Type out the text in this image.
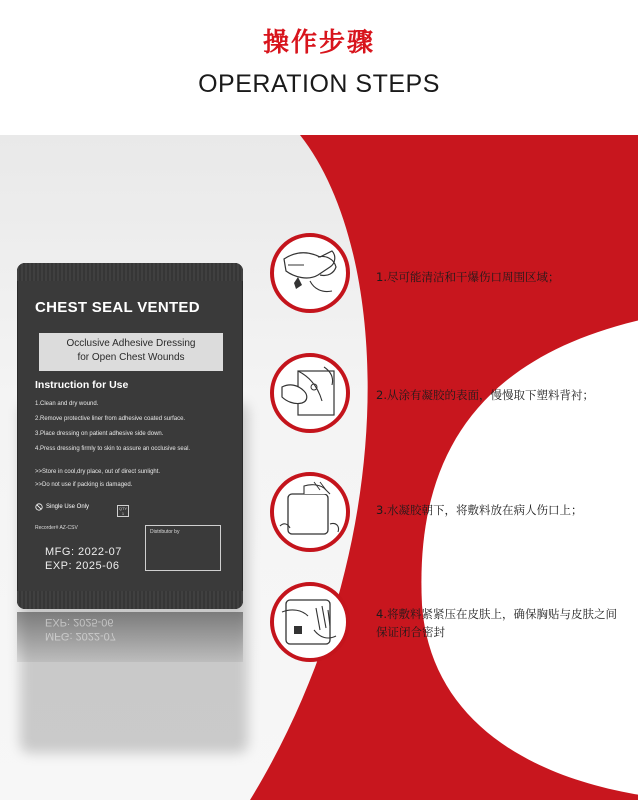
操作步骤
OPERATION STEPS
CHEST SEAL VENTED
Occlusive Adhesive Dressing
for Open Chest Wounds
Instruction for Use
1.Clean and dry wound.
2.Remove protective liner from adhesive coated surface.
3.Place dressing on patient adhesive side down.
4.Press dressing firmly to skin to assure an occlusive seal.
>>Store in cool,dry place, out of direct sunlight.
>>Do not use if packing is damaged.
Single Use Only	QTY
1
Recorder# AZ-CSV
Distributor by
MFG: 2022-07
EXP: 2025-06
EXP: 2025-06
MFG: 2022-07
1.尽可能清洁和干爆伤口周围区域；
2.从涂有凝胶的表面，慢慢取下塑料背衬；
3.水凝胶朝下，将敷料放在病人伤口上；
4.将敷料紧紧压在皮肤上，确保胸贴与皮肤之间
保证闭合密封
